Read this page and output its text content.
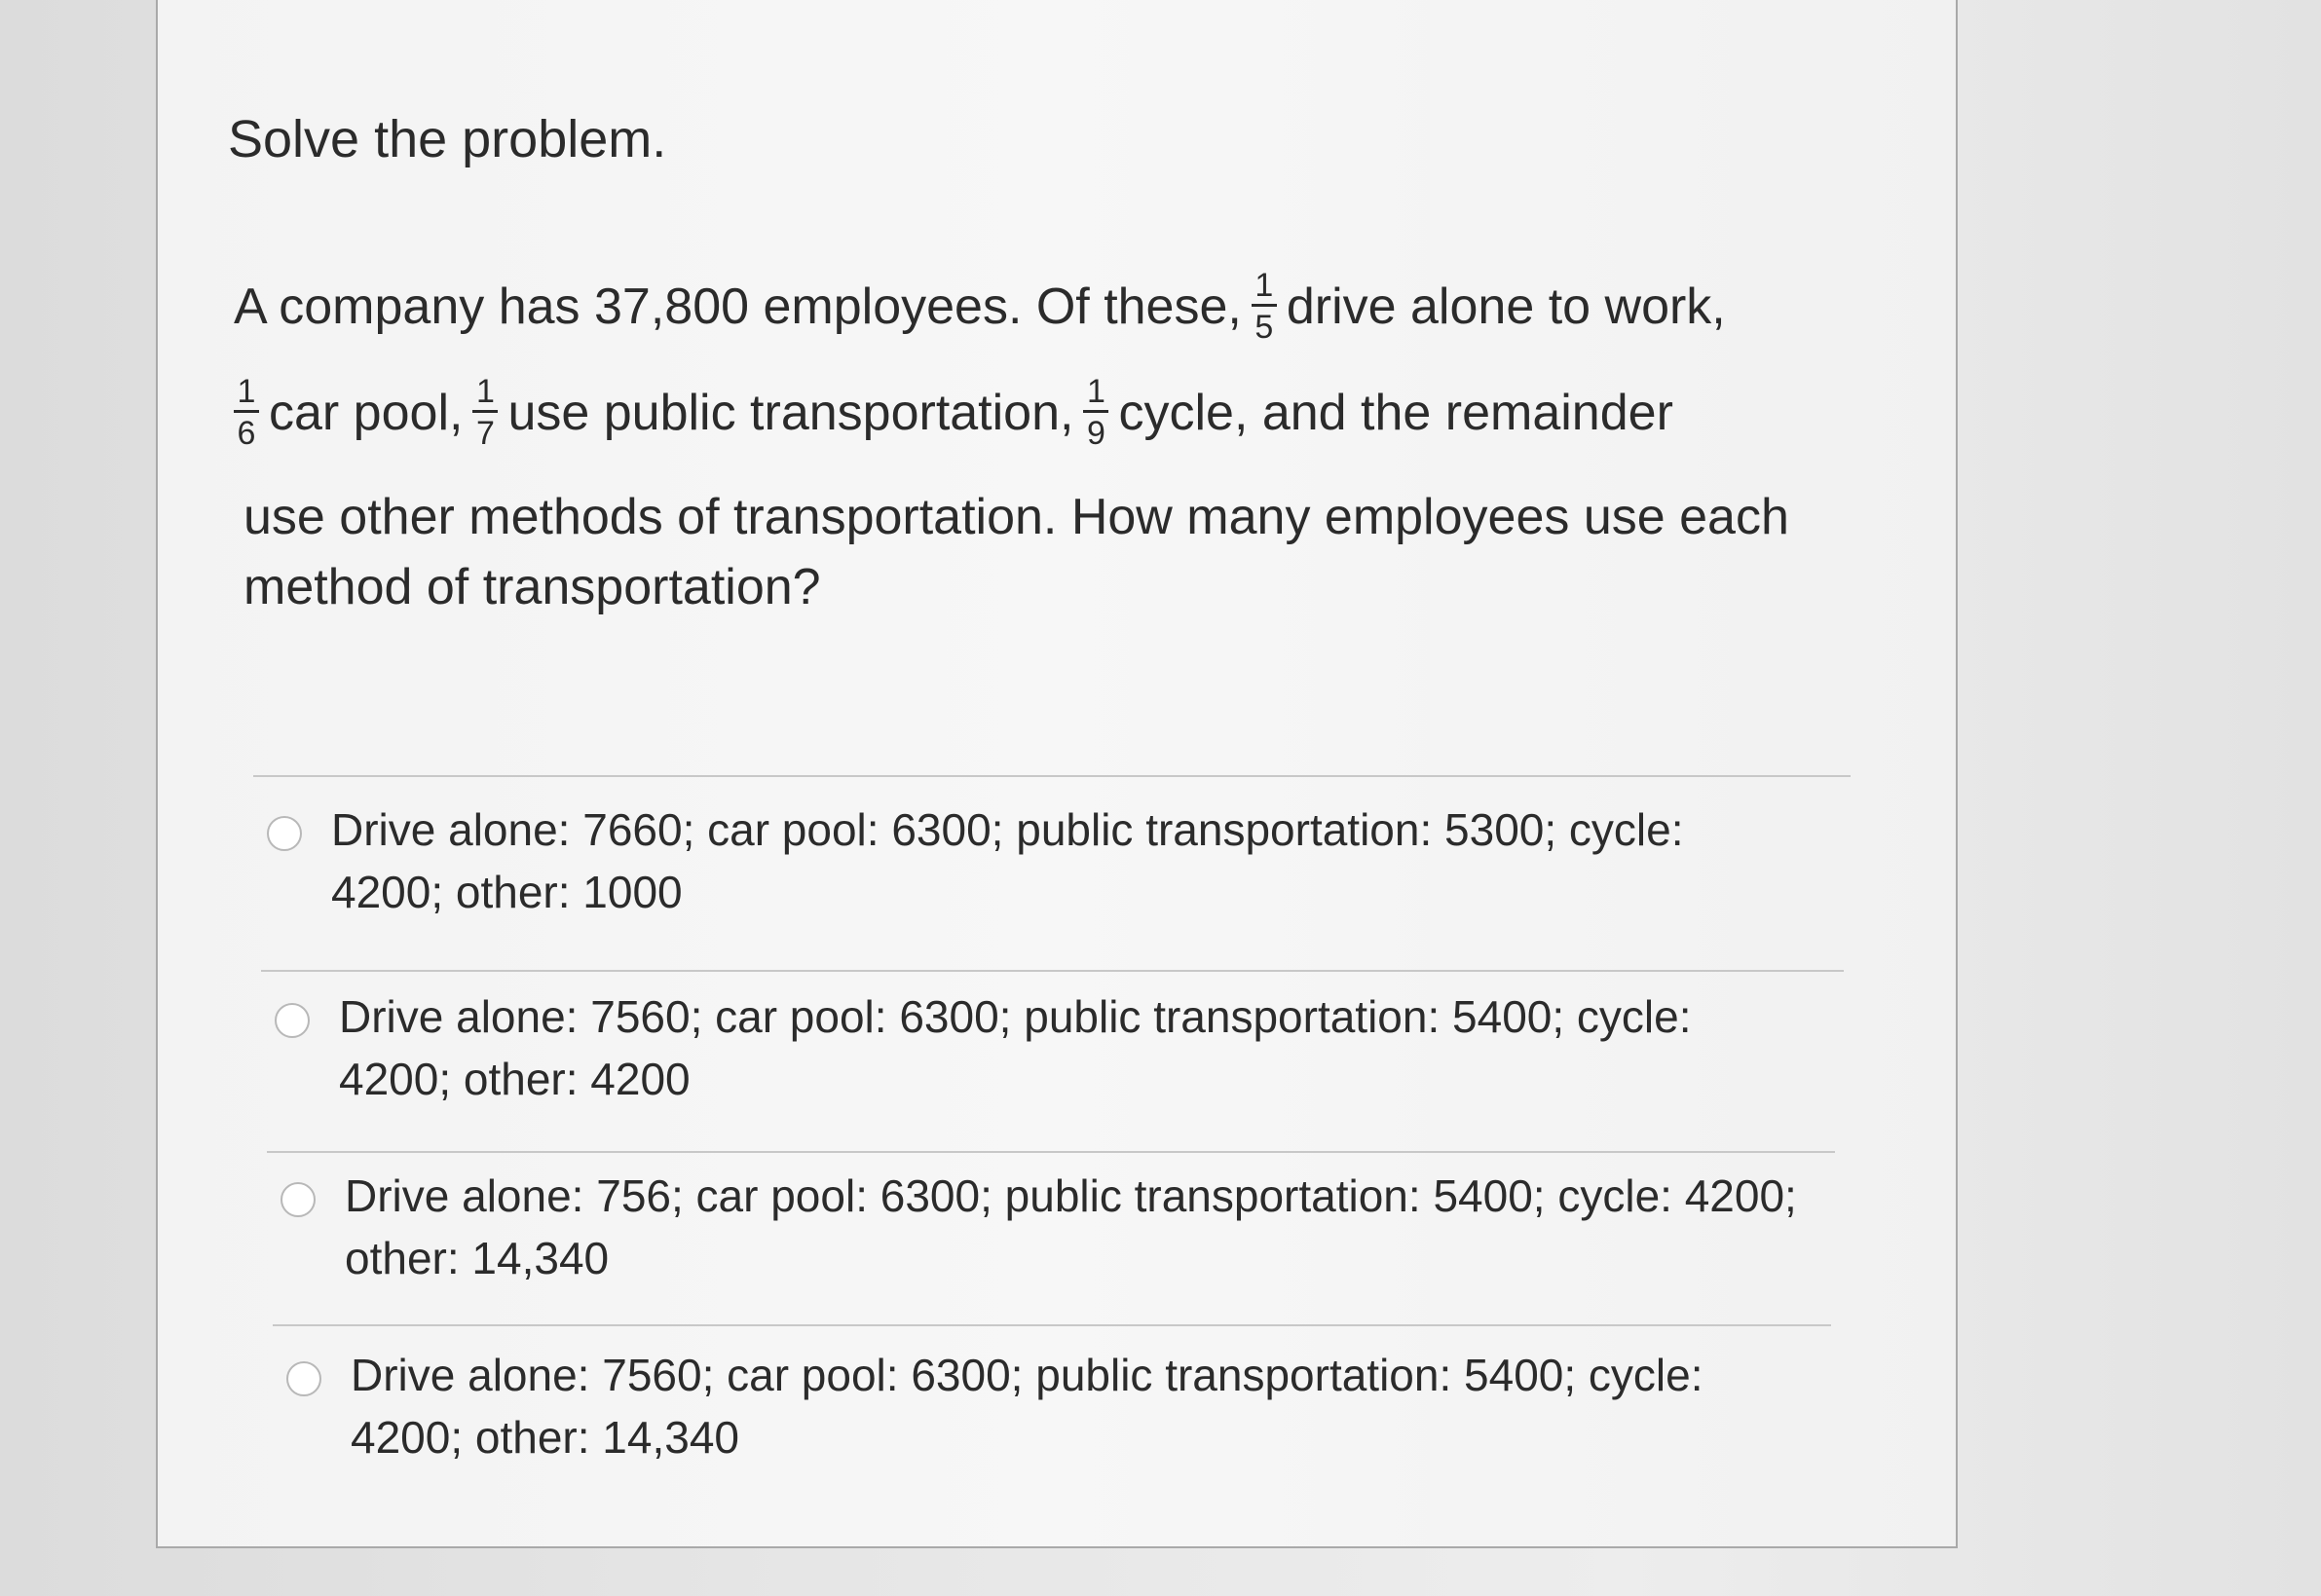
Solve the problem.
A company has 37,800 employees. Of these, $\frac{1}{5}$ drive alone to work,
$\frac{1}{6}$ car pool, $\frac{1}{7}$ use public transportation, $\frac{1}{9}$ cycle, and the remainder
use other methods of transportation. How many employees use each
method of transportation?
Drive alone: 7660; car pool: 6300; public transportation: 5300; cycle:
4200; other: 1000
Drive alone: 7560; car pool: 6300; public transportation: 5400; cycle:
4200; other: 4200
Drive alone: 756; car pool: 6300; public transportation: 5400; cycle: 4200;
other: 14,340
Drive alone: 7560; car pool: 6300; public transportation: 5400; cycle:
4200; other: 14,340
